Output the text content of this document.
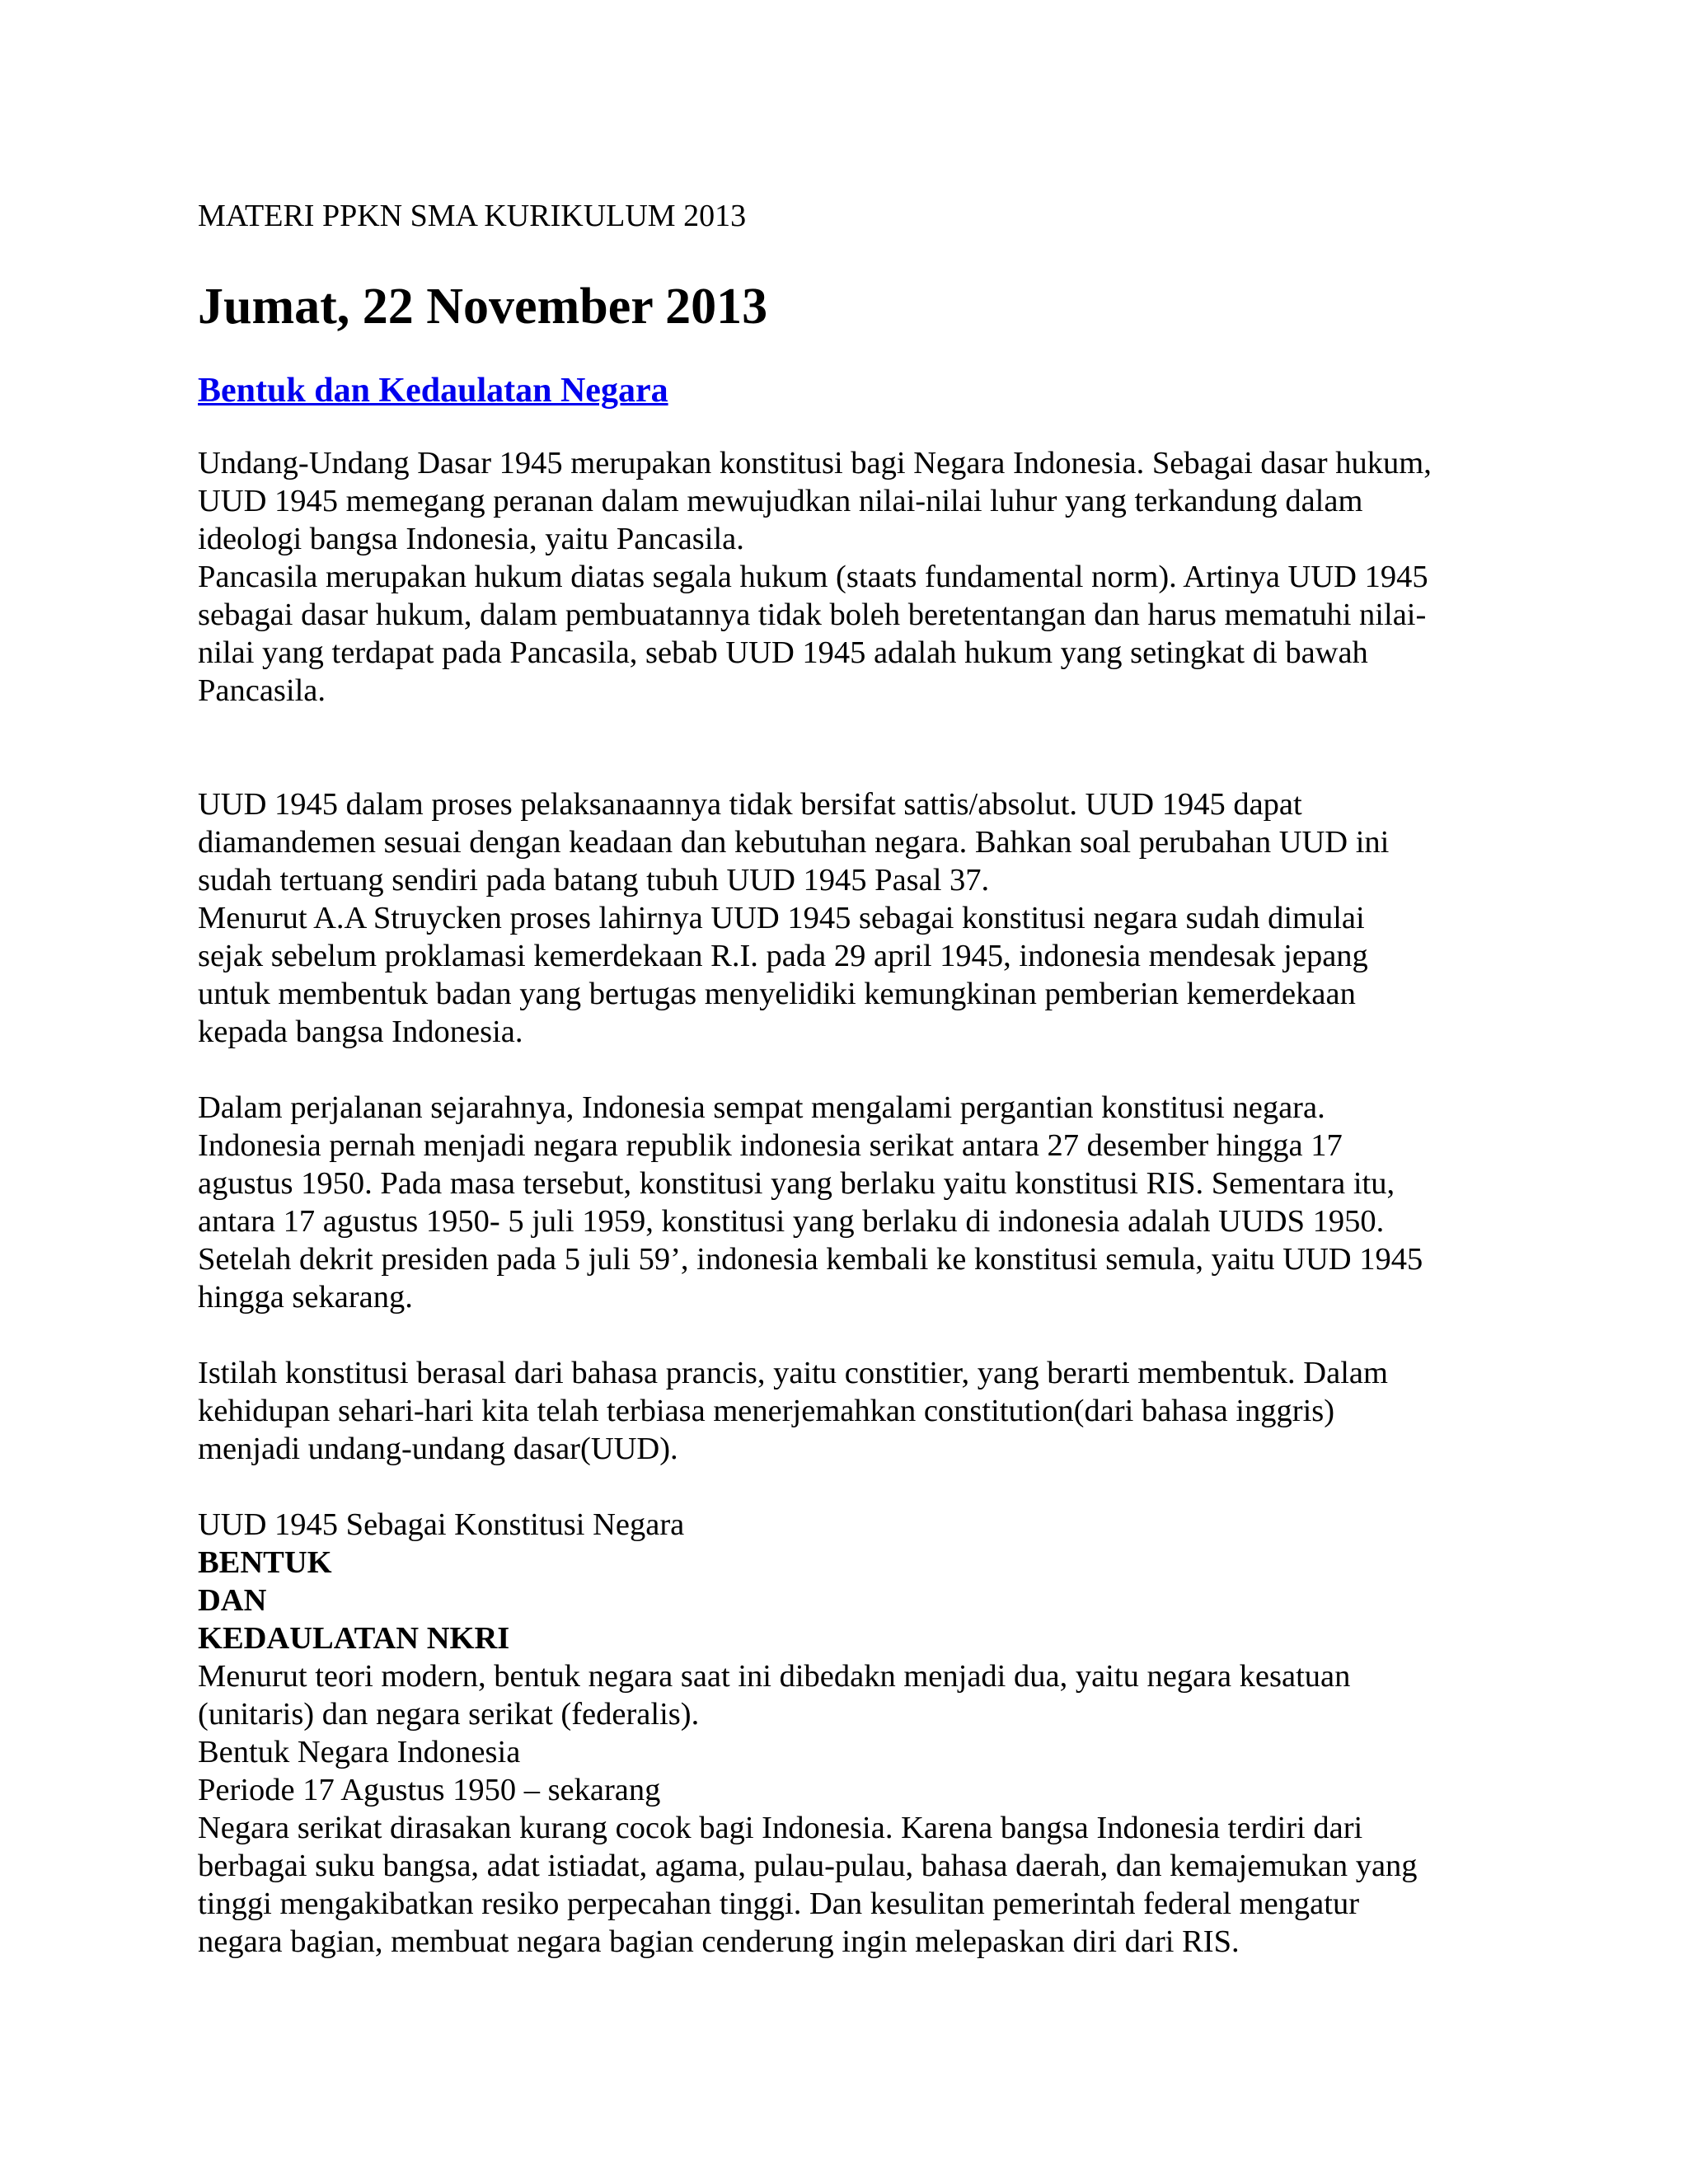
MATERI PPKN SMA KURIKULUM 2013

Jumat, 22 November 2013
Bentuk dan Kedaulatan Negara

Undang-Undang Dasar 1945 merupakan konstitusi bagi Negara Indonesia. Sebagai dasar hukum,

UUD 1945 memegang peranan dalam mewujudkan nilai-nilai luhur yang terkandung dalam

ideologi bangsa Indonesia, yaitu Pancasila.

Pancasila merupakan hukum diatas segala hukum (staats fundamental norm). Artinya UUD 1945

sebagai dasar hukum, dalam pembuatannya tidak boleh beretentangan dan harus mematuhi nilai-

nilai yang terdapat pada Pancasila, sebab UUD 1945 adalah hukum yang setingkat di bawah

Pancasila.

UUD 1945 dalam proses pelaksanaannya tidak bersifat sattis/absolut. UUD 1945 dapat

diamandemen sesuai dengan keadaan dan kebutuhan negara. Bahkan soal perubahan UUD ini

sudah tertuang sendiri pada batang tubuh UUD 1945 Pasal 37.

Menurut A.A Struycken proses lahirnya UUD 1945 sebagai konstitusi negara sudah dimulai

sejak sebelum proklamasi kemerdekaan R.I. pada 29 april 1945, indonesia mendesak jepang

untuk membentuk badan yang bertugas menyelidiki kemungkinan pemberian kemerdekaan

kepada bangsa Indonesia.

Dalam perjalanan sejarahnya, Indonesia sempat mengalami pergantian konstitusi negara.

Indonesia pernah menjadi negara republik indonesia serikat antara 27 desember hingga 17

agustus 1950. Pada masa tersebut, konstitusi yang berlaku yaitu konstitusi RIS. Sementara itu,

antara 17 agustus 1950- 5 juli 1959, konstitusi yang berlaku di indonesia adalah UUDS 1950.

Setelah dekrit presiden pada 5 juli 59’, indonesia kembali ke konstitusi semula, yaitu UUD 1945

hingga sekarang.

Istilah konstitusi berasal dari bahasa prancis, yaitu constitier, yang berarti membentuk. Dalam

kehidupan sehari-hari kita telah terbiasa menerjemahkan constitution(dari bahasa inggris)

menjadi undang-undang dasar(UUD).

UUD 1945 Sebagai Konstitusi Negara

BENTUK

DAN

KEDAULATAN NKRI

Menurut teori modern, bentuk negara saat ini dibedakn menjadi dua, yaitu negara kesatuan

(unitaris) dan negara serikat (federalis).

Bentuk Negara Indonesia

Periode 17 Agustus 1950 – sekarang

Negara serikat dirasakan kurang cocok bagi Indonesia. Karena bangsa Indonesia terdiri dari

berbagai suku bangsa, adat istiadat, agama, pulau-pulau, bahasa daerah, dan kemajemukan yang

tinggi mengakibatkan resiko perpecahan tinggi. Dan kesulitan pemerintah federal mengatur

negara bagian, membuat negara bagian cenderung ingin melepaskan diri dari RIS.
